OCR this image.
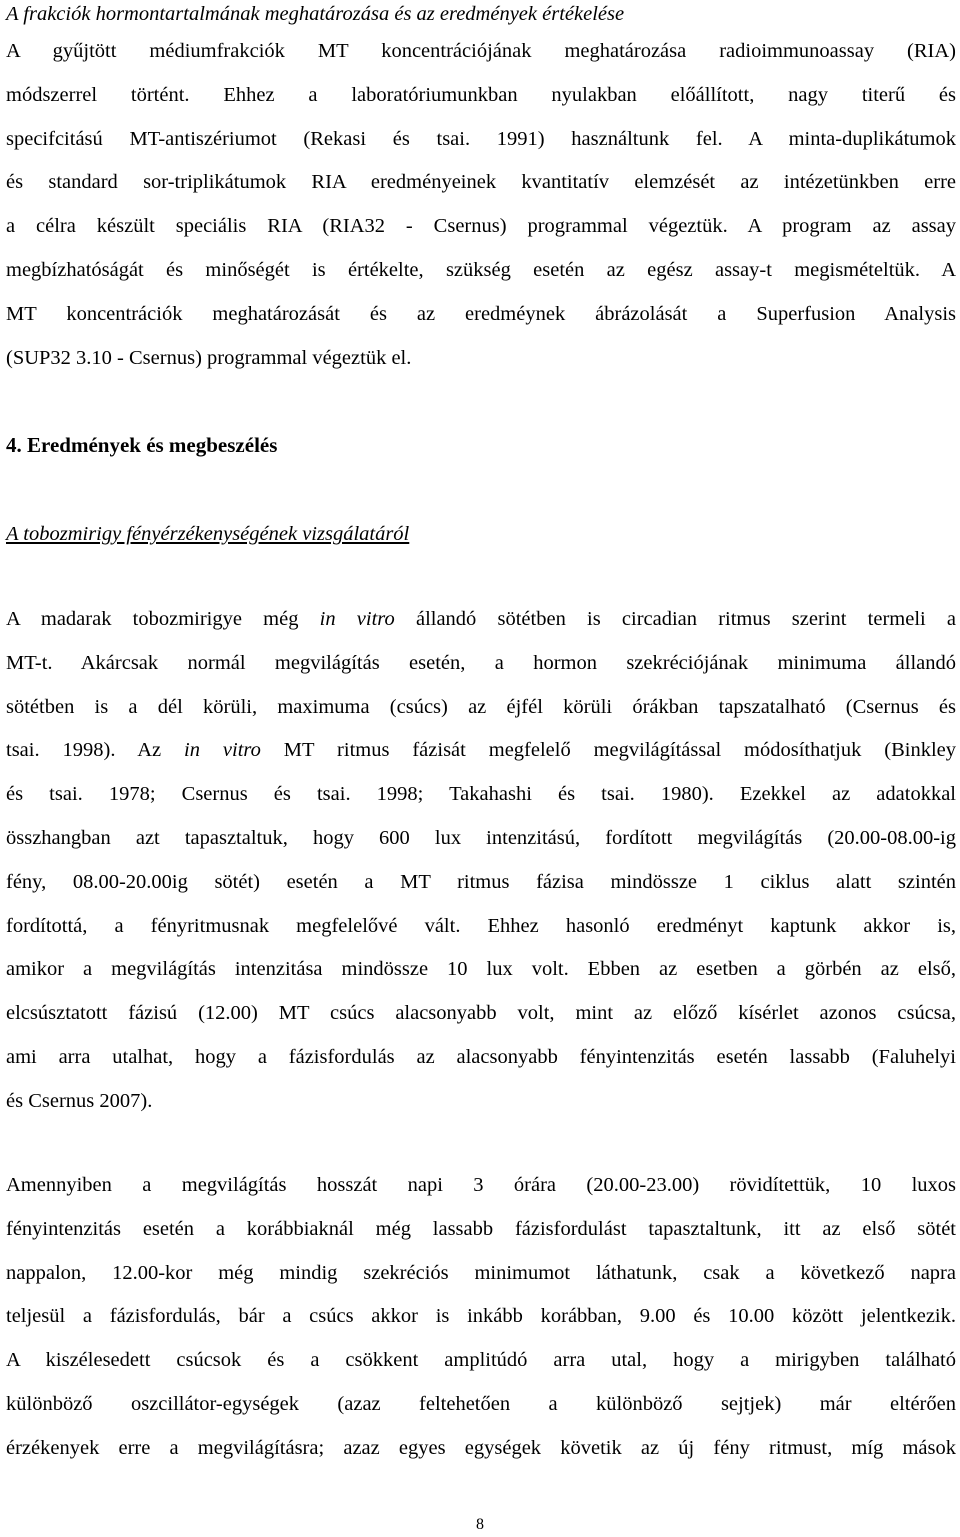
A frakciók hormontartalmának meghatározása és az eredmények értékelése
A gyűjtött médiumfrakciók MT koncentrációjának meghatározása radioimmunoassay (RIA)
módszerrel történt. Ehhez a laboratóriumunkban nyulakban előállított, nagy titerű és
specifcitású MT-antiszériumot (Rekasi és tsai. 1991) használtunk fel. A minta-duplikátumok
és standard sor-triplikátumok RIA eredményeinek kvantitatív elemzését az intézetünkben erre
a célra készült speciális RIA (RIA32 - Csernus) programmal végeztük. A program az assay
megbízhatóságát és minőségét is értékelte, szükség esetén az egész assay-t megismételtük. A
MT koncentrációk meghatározását és az eredméynek ábrázolását a Superfusion Analysis
(SUP32 3.10 - Csernus) programmal végeztük el.
4. Eredmények és megbeszélés
A tobozmirigy fényérzékenységének vizsgálatáról
A madarak tobozmirigye még in vitro állandó sötétben is circadian ritmus szerint termeli a
MT-t. Akárcsak normál megvilágítás esetén, a hormon szekréciójának minimuma állandó
sötétben is a dél körüli, maximuma (csúcs) az éjfél körüli órákban tapszatalható (Csernus és
tsai. 1998). Az in vitro MT ritmus fázisát megfelelő megvilágítással módosíthatjuk (Binkley
és tsai. 1978; Csernus és tsai. 1998; Takahashi és tsai. 1980). Ezekkel az adatokkal
összhangban azt tapasztaltuk, hogy 600 lux intenzitású, fordított megvilágítás (20.00-08.00-ig
fény, 08.00-20.00ig sötét) esetén a MT ritmus fázisa mindössze 1 ciklus alatt szintén
fordítottá, a fényritmusnak megfelelővé vált. Ehhez hasonló eredményt kaptunk akkor is,
amikor a megvilágítás intenzitása mindössze 10 lux volt. Ebben az esetben a görbén az első,
elcsúsztatott fázisú (12.00) MT csúcs alacsonyabb volt, mint az előző kísérlet azonos csúcsa,
ami arra utalhat, hogy a fázisfordulás az alacsonyabb fényintenzitás esetén lassabb (Faluhelyi
és Csernus 2007).
Amennyiben a megvilágítás hosszát napi 3 órára (20.00-23.00) rövidítettük, 10 luxos
fényintenzitás esetén a korábbiaknál még lassabb fázisfordulást tapasztaltunk, itt az első sötét
nappalon, 12.00-kor még mindig szekréciós minimumot láthatunk, csak a következő napra
teljesül a fázisfordulás, bár a csúcs akkor is inkább korábban, 9.00 és 10.00 között jelentkezik.
A kiszélesedett csúcsok és a csökkent amplitúdó arra utal, hogy a mirigyben található
különböző oszcillátor-egységek (azaz feltehetően a különböző sejtjek) már eltérően
érzékenyek erre a megvilágításra; azaz egyes egységek követik az új fény ritmust, míg mások
8
